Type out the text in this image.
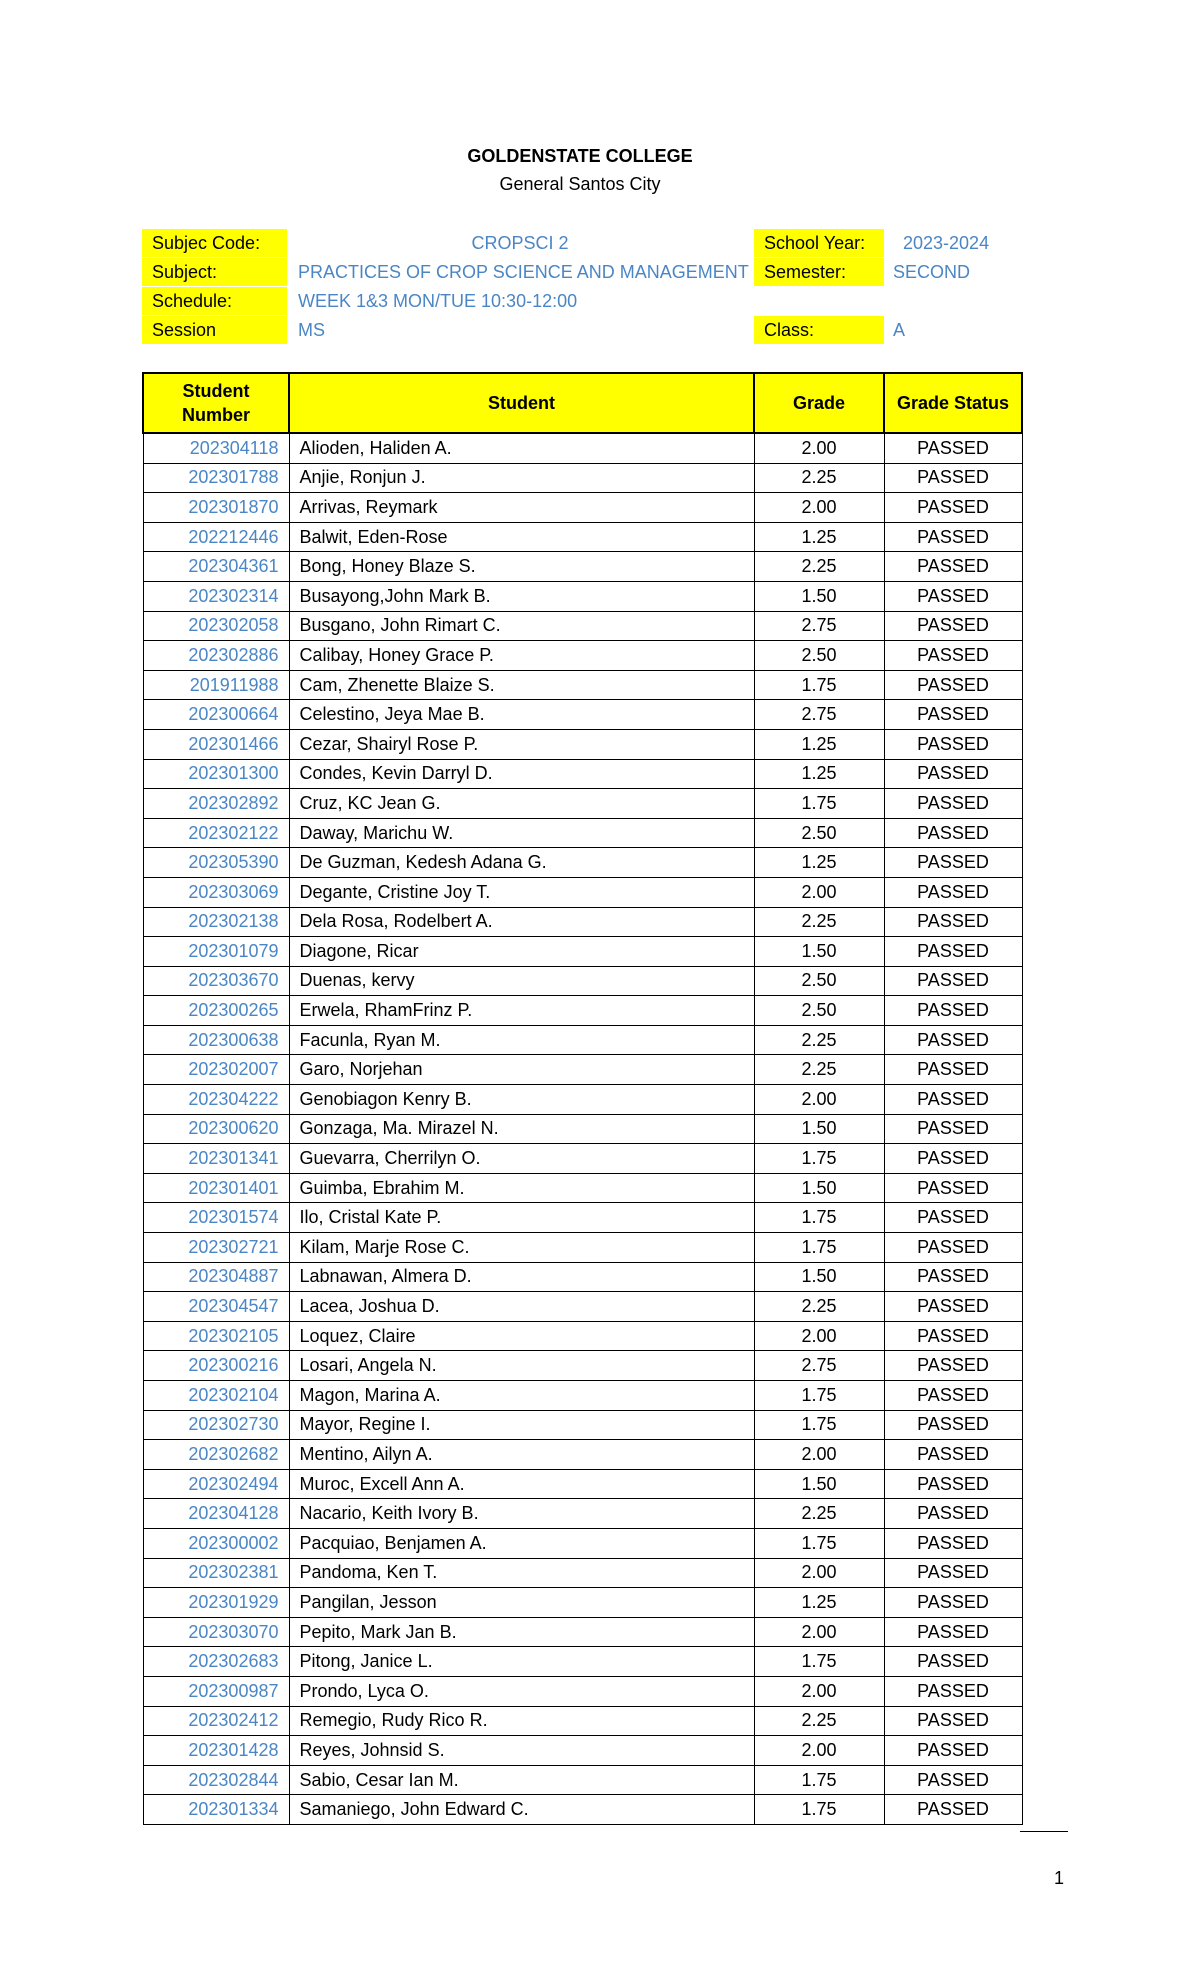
GOLDENSTATE COLLEGE
General Santos City
Subjec Code:	CROPSCI 2
Subject:	PRACTICES OF CROP SCIENCE AND MANAGEMENT
Schedule:	WEEK 1&3 MON/TUE 10:30-12:00
Session	MS
School Year:	2023-2024
Semester:	SECOND
Class:	A
Student Number	Student	Grade	Grade Status
202304118	Alioden, Haliden A.	2.00	PASSED
202301788	Anjie, Ronjun J.	2.25	PASSED
202301870	Arrivas, Reymark	2.00	PASSED
202212446	Balwit, Eden-Rose	1.25	PASSED
202304361	Bong, Honey Blaze S.	2.25	PASSED
202302314	Busayong,John Mark B.	1.50	PASSED
202302058	Busgano, John Rimart C.	2.75	PASSED
202302886	Calibay, Honey Grace P.	2.50	PASSED
201911988	Cam, Zhenette Blaize S.	1.75	PASSED
202300664	Celestino, Jeya Mae B.	2.75	PASSED
202301466	Cezar, Shairyl Rose P.	1.25	PASSED
202301300	Condes, Kevin Darryl D.	1.25	PASSED
202302892	Cruz, KC Jean G.	1.75	PASSED
202302122	Daway, Marichu W.	2.50	PASSED
202305390	De Guzman, Kedesh Adana G.	1.25	PASSED
202303069	Degante, Cristine Joy T.	2.00	PASSED
202302138	Dela Rosa, Rodelbert A.	2.25	PASSED
202301079	Diagone, Ricar	1.50	PASSED
202303670	Duenas, kervy	2.50	PASSED
202300265	Erwela, RhamFrinz P.	2.50	PASSED
202300638	Facunla, Ryan M.	2.25	PASSED
202302007	Garo, Norjehan	2.25	PASSED
202304222	Genobiagon Kenry B.	2.00	PASSED
202300620	Gonzaga, Ma. Mirazel N.	1.50	PASSED
202301341	Guevarra, Cherrilyn O.	1.75	PASSED
202301401	Guimba, Ebrahim M.	1.50	PASSED
202301574	Ilo, Cristal Kate P.	1.75	PASSED
202302721	Kilam, Marje Rose C.	1.75	PASSED
202304887	Labnawan, Almera D.	1.50	PASSED
202304547	Lacea, Joshua D.	2.25	PASSED
202302105	Loquez, Claire	2.00	PASSED
202300216	Losari, Angela N.	2.75	PASSED
202302104	Magon, Marina A.	1.75	PASSED
202302730	Mayor, Regine I.	1.75	PASSED
202302682	Mentino, Ailyn A.	2.00	PASSED
202302494	Muroc, Excell Ann A.	1.50	PASSED
202304128	Nacario, Keith Ivory B.	2.25	PASSED
202300002	Pacquiao, Benjamen A.	1.75	PASSED
202302381	Pandoma, Ken T.	2.00	PASSED
202301929	Pangilan, Jesson	1.25	PASSED
202303070	Pepito, Mark Jan B.	2.00	PASSED
202302683	Pitong, Janice L.	1.75	PASSED
202300987	Prondo, Lyca O.	2.00	PASSED
202302412	Remegio, Rudy Rico R.	2.25	PASSED
202301428	Reyes, Johnsid S.	2.00	PASSED
202302844	Sabio, Cesar Ian M.	1.75	PASSED
202301334	Samaniego, John Edward C.	1.75	PASSED
1
